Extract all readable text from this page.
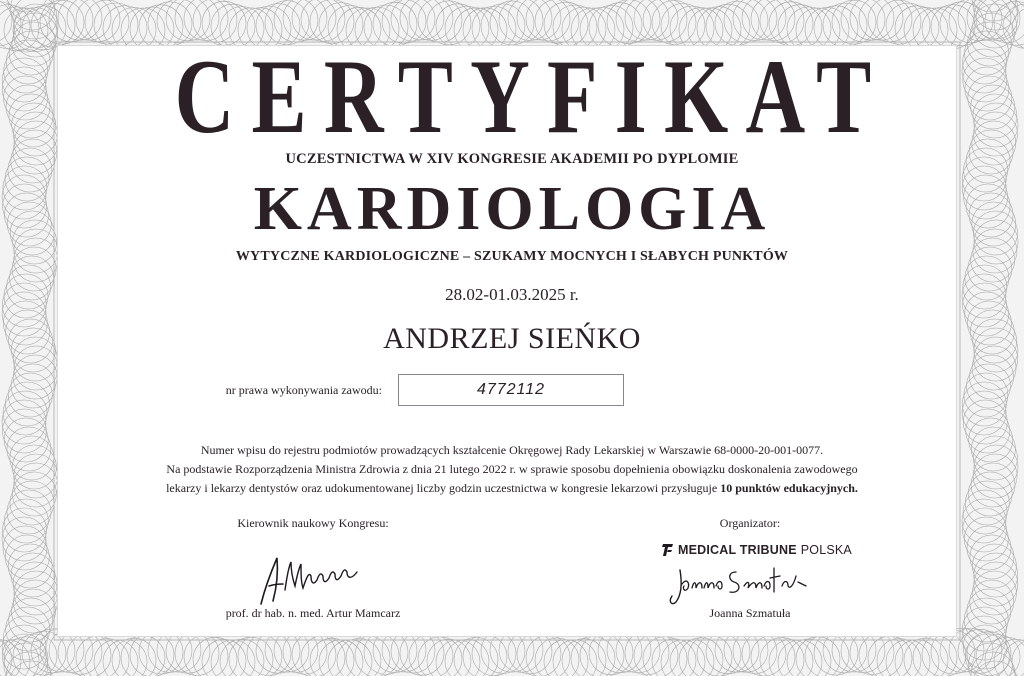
CERTYFIKAT
UCZESTNICTWA W XIV KONGRESIE AKADEMII PO DYPLOMIE
KARDIOLOGIA
WYTYCZNE KARDIOLOGICZNE – SZUKAMY MOCNYCH I SŁABYCH PUNKTÓW
28.02-01.03.2025 r.
ANDRZEJ SIEŃKO
nr prawa wykonywania zawodu:	4772112
Numer wpisu do rejestru podmiotów prowadzących kształcenie Okręgowej Rady Lekarskiej w Warszawie 68-0000-20-001-0077.
Na podstawie Rozporządzenia Ministra Zdrowia z dnia 21 lutego 2022 r. w sprawie sposobu dopełnienia obowiązku doskonalenia zawodowego
lekarzy i lekarzy dentystów oraz udokumentowanej liczby godzin uczestnictwa w kongresie lekarzowi przysługuje 10 punktów edukacyjnych.
Kierownik naukowy Kongresu:
prof. dr hab. n. med. Artur Mamcarz
Organizator:
Joanna Szmatuła
MEDICAL TRIBUNE POLSKA
